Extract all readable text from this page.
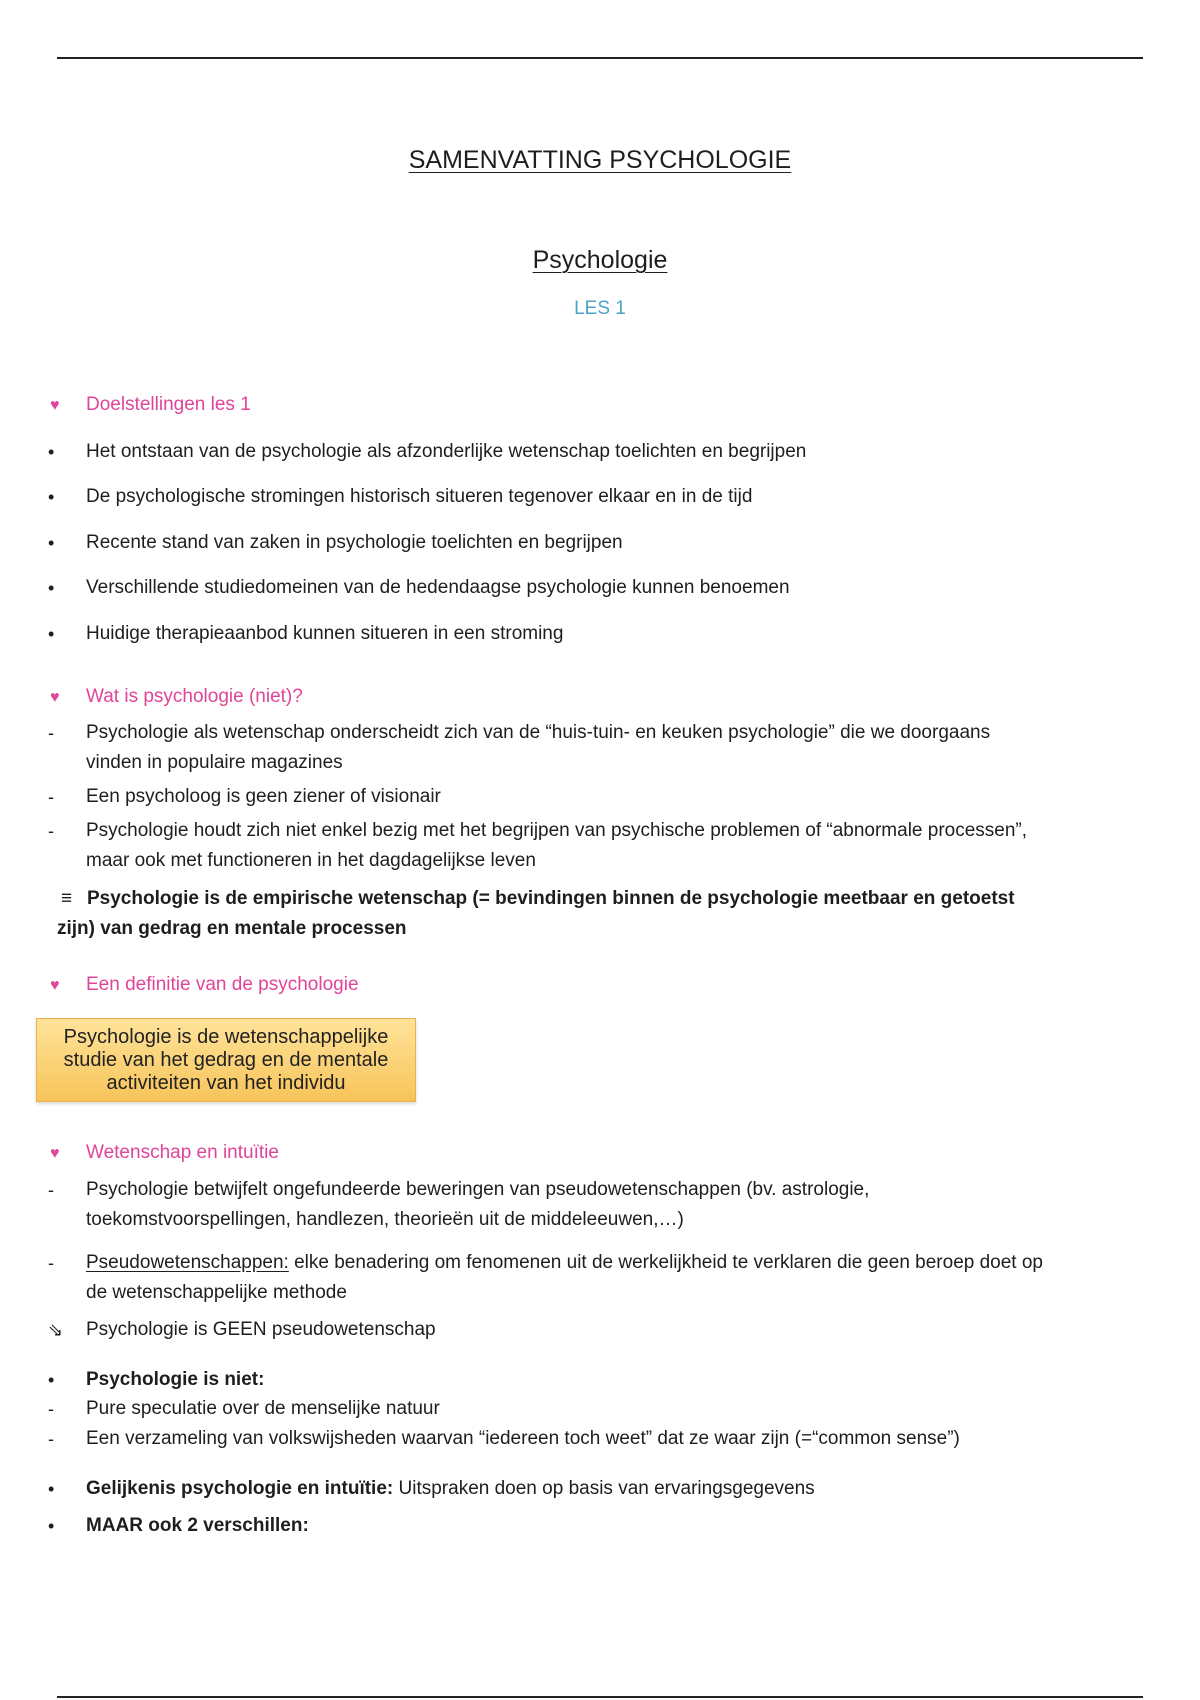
SAMENVATTING PSYCHOLOGIE
Psychologie
LES 1
♥ Doelstellingen les 1
•	Het ontstaan van de psychologie als afzonderlijke wetenschap toelichten en begrijpen
•	De psychologische stromingen historisch situeren tegenover elkaar en in de tijd
•	Recente stand van zaken in psychologie toelichten en begrijpen
•	Verschillende studiedomeinen van de hedendaagse psychologie kunnen benoemen
•	Huidige therapieaanbod kunnen situeren in een stroming
♥ Wat is psychologie (niet)?
-	Psychologie als wetenschap onderscheidt zich van de “huis-tuin- en keuken psychologie” die we doorgaans vinden in populaire magazines
-	Een psycholoog is geen ziener of visionair
-	Psychologie houdt zich niet enkel bezig met het begrijpen van psychische problemen of “abnormale processen”, maar ook met functioneren in het dagdagelijkse leven
≡ Psychologie is de empirische wetenschap (= bevindingen binnen de psychologie meetbaar en getoetst zijn) van gedrag en mentale processen
♥ Een definitie van de psychologie
Psychologie is de wetenschappelijke studie van het gedrag en de mentale activiteiten van het individu
♥ Wetenschap en intuïtie
-	Psychologie betwijfelt ongefundeerde beweringen van pseudowetenschappen (bv. astrologie, toekomstvoorspellingen, handlezen, theorieën uit de middeleeuwen,…)
-	Pseudowetenschappen: elke benadering om fenomenen uit de werkelijkheid te verklaren die geen beroep doet op de wetenschappelijke methode
⇘	Psychologie is GEEN pseudowetenschap
•	Psychologie is niet:
-	Pure speculatie over de menselijke natuur
-	Een verzameling van volkswijsheden waarvan “iedereen toch weet” dat ze waar zijn (=“common sense”)
•	Gelijkenis psychologie en intuïtie: Uitspraken doen op basis van ervaringsgegevens
•	MAAR ook 2 verschillen:
